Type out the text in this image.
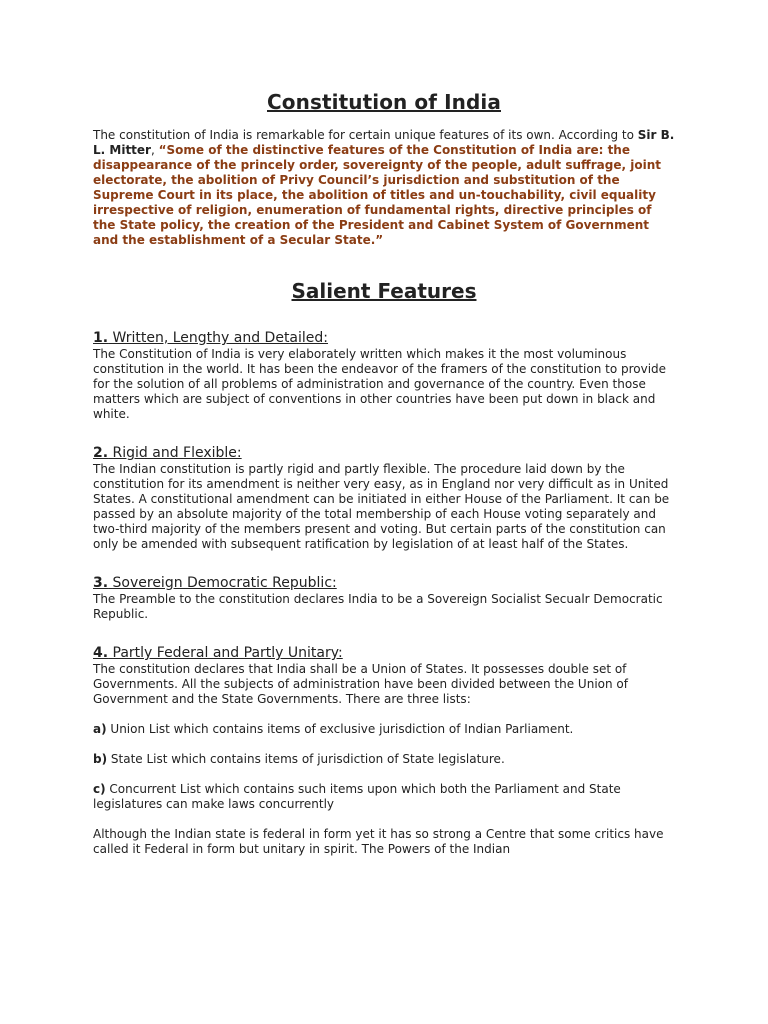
Constitution of India

The constitution of India is remarkable for certain unique features of its own. According to Sir B. L. Mitter, “Some of the distinctive features of the Constitution of India are: the disappearance of the princely order, sovereignty of the people, adult suffrage, joint electorate, the abolition of Privy Council’s jurisdiction and substitution of the Supreme Court in its place, the abolition of titles and un-touchability, civil equality irrespective of religion, enumeration of fundamental rights, directive principles of the State policy, the creation of the President and Cabinet System of Government and the establishment of a Secular State.”

Salient Features
1. Written, Lengthy and Detailed:

The Constitution of India is very elaborately written which makes it the most voluminous constitution in the world. It has been the endeavor of the framers of the constitution to provide for the solution of all problems of administration and governance of the country. Even those matters which are subject of conventions in other countries have been put down in black and white.

2. Rigid and Flexible:

The Indian constitution is partly rigid and partly flexible. The procedure laid down by the constitution for its amendment is neither very easy, as in England nor very difficult as in United States. A constitutional amendment can be initiated in either House of the Parliament. It can be passed by an absolute majority of the total membership of each House voting separately and two-third majority of the members present and voting. But certain parts of the constitution can only be amended with subsequent ratification by legislation of at least half of the States.

3. Sovereign Democratic Republic:

The Preamble to the constitution declares India to be a Sovereign Socialist Secualr Democratic Republic.

4. Partly Federal and Partly Unitary:

The constitution declares that India shall be a Union of States. It possesses double set of Governments. All the subjects of administration have been divided between the Union of Government and the State Governments. There are three lists:

a) Union List which contains items of exclusive jurisdiction of Indian Parliament.

b) State List which contains items of jurisdiction of State legislature.

c) Concurrent List which contains such items upon which both the Parliament and State legislatures can make laws concurrently

Although the Indian state is federal in form yet it has so strong a Centre that some critics have called it Federal in form but unitary in spirit. The Powers of the Indian
